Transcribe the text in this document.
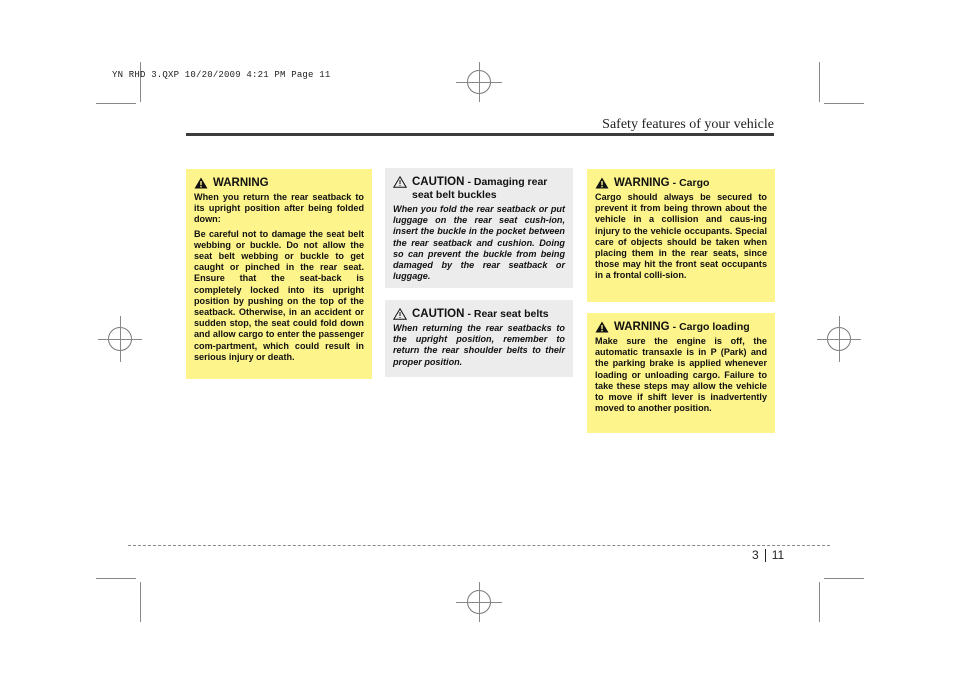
YN RHD 3.QXP 10/20/2009 4:21 PM Page 11
Safety features of your vehicle
WARNING

When you return the rear seatback to its upright position after being folded down:

Be careful not to damage the seat belt webbing or buckle. Do not allow the seat belt webbing or buckle to get caught or pinched in the rear seat. Ensure that the seat-back is completely locked into its upright position by pushing on the top of the seatback. Otherwise, in an accident or sudden stop, the seat could fold down and allow cargo to enter the passenger com-partment, which could result in serious injury or death.

CAUTION - Damaging rear
seat belt buckles

When you fold the rear seatback or put luggage on the rear seat cush-ion, insert the buckle in the pocket between the rear seatback and cushion. Doing so can prevent the buckle from being damaged by the rear seatback or luggage.

CAUTION - Rear seat belts

When returning the rear seatbacks to the upright position, remember to return the rear shoulder belts to their proper position.

WARNING - Cargo

Cargo should always be secured to prevent it from being thrown about the vehicle in a collision and caus-ing injury to the vehicle occupants. Special care of objects should be taken when placing them in the rear seats, since those may hit the front seat occupants in a frontal colli-sion.

WARNING - Cargo loading

Make sure the engine is off, the automatic transaxle is in P (Park) and the parking brake is applied whenever loading or unloading cargo. Failure to take these steps may allow the vehicle to move if shift lever is inadvertently moved to another position.

3 11
